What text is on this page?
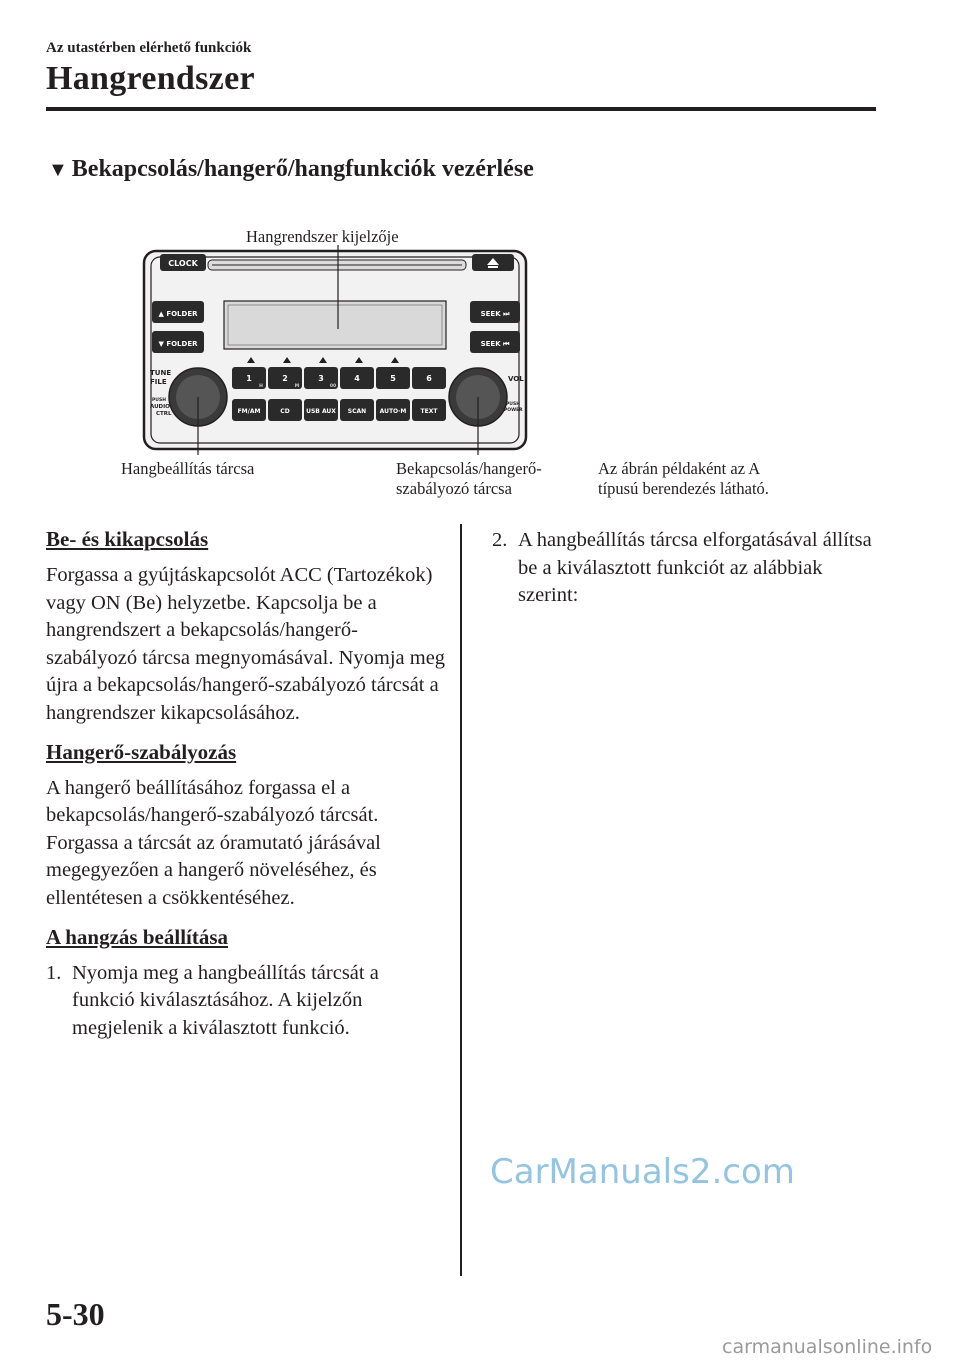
Az utastérben elérhető funkciók
Hangrendszer
▼ Bekapcsolás/hangerő/hangfunkciók vezérlése
Hangrendszer kijelzője
CLOCK
▲ FOLDER
▼ FOLDER
SEEK ⏭
SEEK ⏮
TUNE
FILE
PUSH
AUDIO
CTRL
VOL
PUSH
POWER
1	2	3	4	5	6
H	M	00
FM/AM	CD	USB AUX SCAN AUTO·M TEXT
Hangbeállítás tárcsa	Bekapcsolás/hangerő-
szabályozó tárcsa
Az ábrán példaként az A
típusú berendezés látható.

Be- és kikapcsolás

Forgassa a gyújtáskapcsolót ACC (Tartozékok) vagy ON (Be) helyzetbe. Kapcsolja be a hangrendszert a bekapcsolás/hangerő-szabályozó tárcsa megnyomásával. Nyomja meg újra a bekapcsolás/hangerő-szabályozó tárcsát a hangrendszer kikapcsolásához.

Hangerő-szabályozás

A hangerő beállításához forgassa el a bekapcsolás/hangerő-szabályozó tárcsát. Forgassa a tárcsát az óramutató járásával megegyezően a hangerő növeléséhez, és ellentétesen a csökkentéséhez.

A hangzás beállítása

1. Nyomja meg a hangbeállítás tárcsát a funkció kiválasztásához. A kijelzőn megjelenik a kiválasztott funkció.
2. A hangbeállítás tárcsa elforgatásával állítsa be a kiválasztott funkciót az alábbiak szerint:
CarManuals2.com
5-30
carmanualsonline.info
